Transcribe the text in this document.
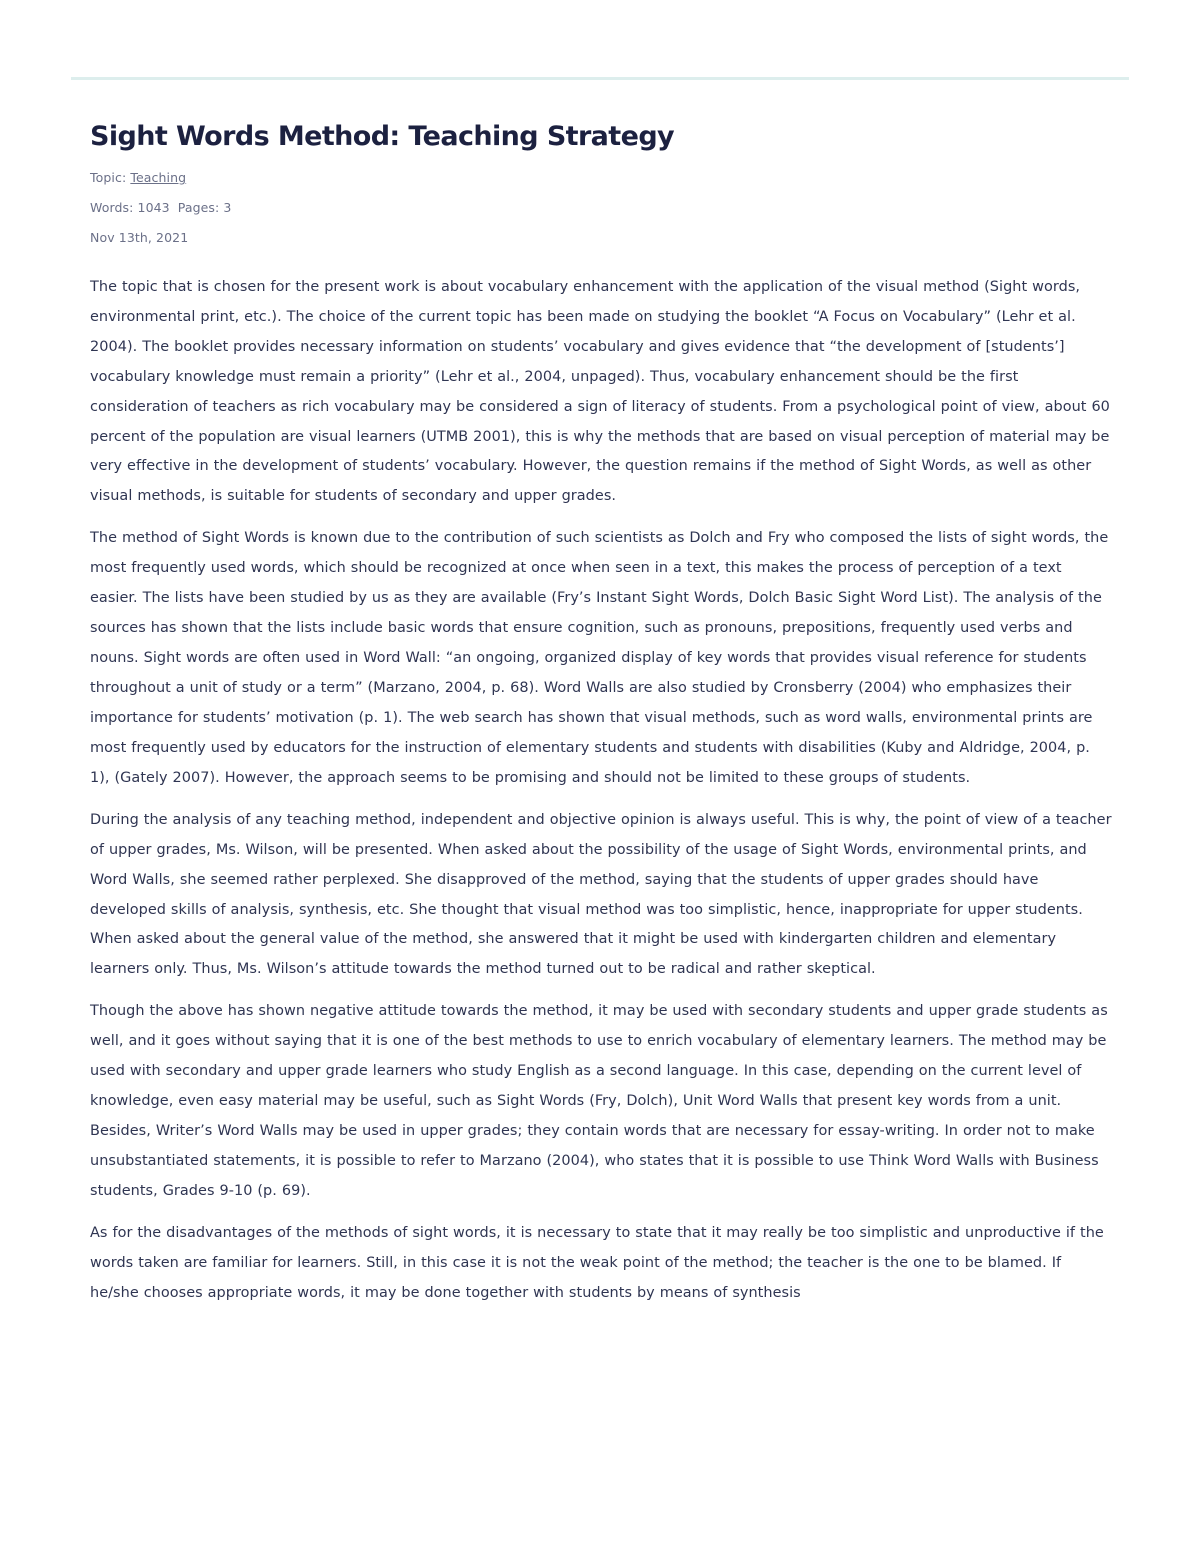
Sight Words Method: Teaching Strategy
Topic: Teaching
Words: 1043 Pages: 3
Nov 13th, 2021

The topic that is chosen for the present work is about vocabulary enhancement with the application of the visual method (Sight words, environmental print, etc.). The choice of the current topic has been made on studying the booklet “A Focus on Vocabulary” (Lehr et al. 2004). The booklet provides necessary information on students’ vocabulary and gives evidence that “the development of [students’] vocabulary knowledge must remain a priority” (Lehr et al., 2004, unpaged). Thus, vocabulary enhancement should be the first consideration of teachers as rich vocabulary may be considered a sign of literacy of students. From a psychological point of view, about 60 percent of the population are visual learners (UTMB 2001), this is why the methods that are based on visual perception of material may be very effective in the development of students’ vocabulary. However, the question remains if the method of Sight Words, as well as other visual methods, is suitable for students of secondary and upper grades.

The method of Sight Words is known due to the contribution of such scientists as Dolch and Fry who composed the lists of sight words, the most frequently used words, which should be recognized at once when seen in a text, this makes the process of perception of a text easier. The lists have been studied by us as they are available (Fry’s Instant Sight Words, Dolch Basic Sight Word List). The analysis of the sources has shown that the lists include basic words that ensure cognition, such as pronouns, prepositions, frequently used verbs and nouns. Sight words are often used in Word Wall: “an ongoing, organized display of key words that provides visual reference for students throughout a unit of study or a term” (Marzano, 2004, p. 68). Word Walls are also studied by Cronsberry (2004) who emphasizes their importance for students’ motivation (p. 1). The web search has shown that visual methods, such as word walls, environmental prints are most frequently used by educators for the instruction of elementary students and students with disabilities (Kuby and Aldridge, 2004, p. 1), (Gately 2007). However, the approach seems to be promising and should not be limited to these groups of students.

During the analysis of any teaching method, independent and objective opinion is always useful. This is why, the point of view of a teacher of upper grades, Ms. Wilson, will be presented. When asked about the possibility of the usage of Sight Words, environmental prints, and Word Walls, she seemed rather perplexed. She disapproved of the method, saying that the students of upper grades should have developed skills of analysis, synthesis, etc. She thought that visual method was too simplistic, hence, inappropriate for upper students. When asked about the general value of the method, she answered that it might be used with kindergarten children and elementary learners only. Thus, Ms. Wilson’s attitude towards the method turned out to be radical and rather skeptical.

Though the above has shown negative attitude towards the method, it may be used with secondary students and upper grade students as well, and it goes without saying that it is one of the best methods to use to enrich vocabulary of elementary learners. The method may be used with secondary and upper grade learners who study English as a second language. In this case, depending on the current level of knowledge, even easy material may be useful, such as Sight Words (Fry, Dolch), Unit Word Walls that present key words from a unit. Besides, Writer’s Word Walls may be used in upper grades; they contain words that are necessary for essay-writing. In order not to make unsubstantiated statements, it is possible to refer to Marzano (2004), who states that it is possible to use Think Word Walls with Business students, Grades 9-10 (p. 69).

As for the disadvantages of the methods of sight words, it is necessary to state that it may really be too simplistic and unproductive if the words taken are familiar for learners. Still, in this case it is not the weak point of the method; the teacher is the one to be blamed. If he/she chooses appropriate words, it may be done together with students by means of synthesis
